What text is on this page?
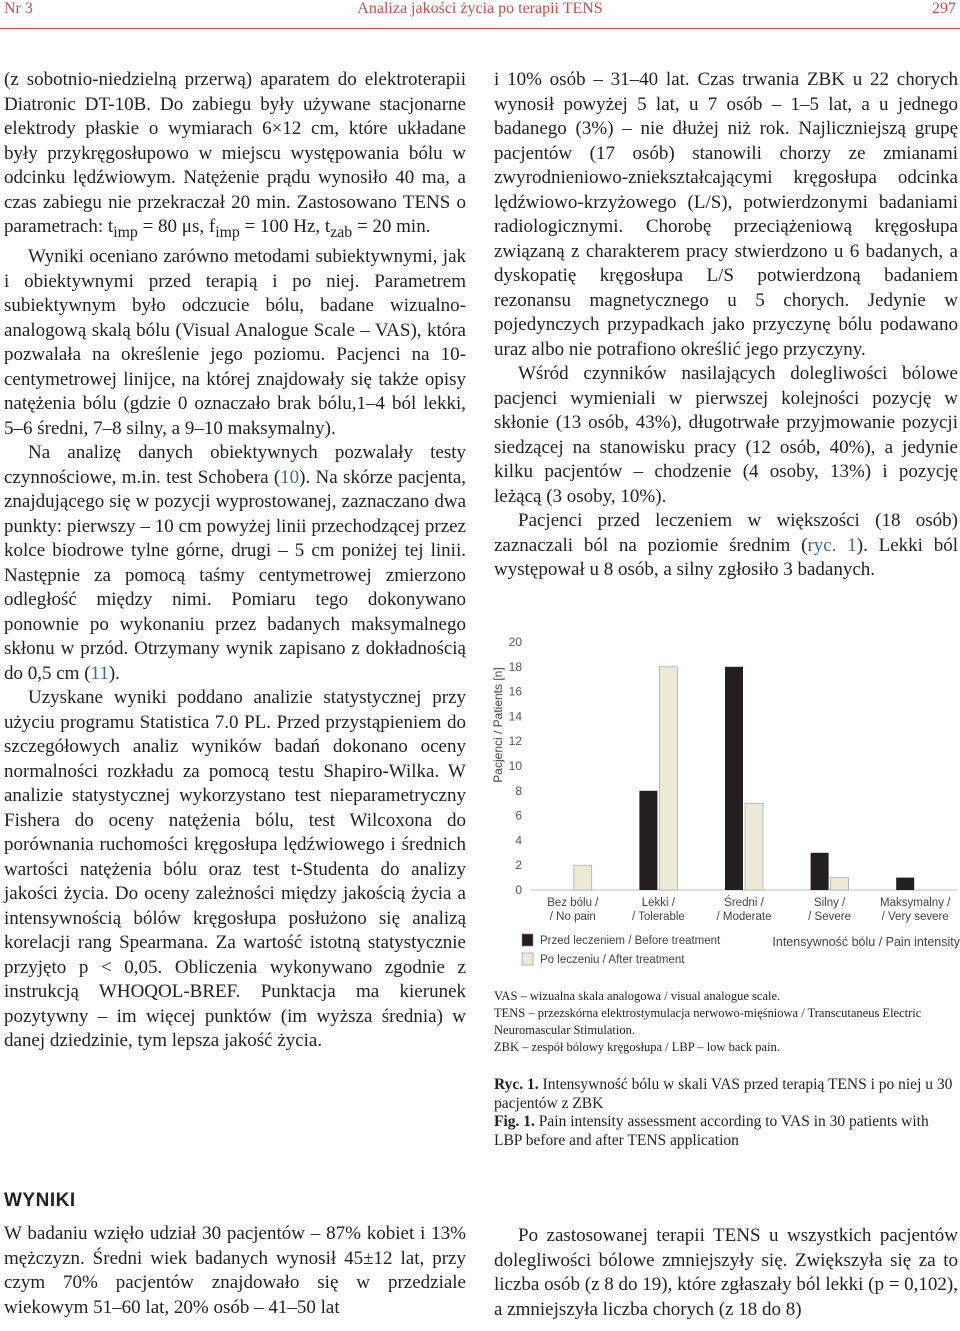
Nr 3	Analiza jakości życia po terapii TENS	297

(z sobotnio-niedzielną przerwą) aparatem do elektroterapii Diatronic DT-10B. Do zabiegu były używane stacjonarne elektrody płaskie o wymiarach 6×12 cm, które układane były przykręgosłupowo w miejscu występowania bólu w odcinku lędźwiowym. Natężenie prądu wynosiło 40 ma, a czas zabiegu nie przekraczał 20 min. Zastosowano TENS o parametrach: $t_{imp} = 80$ μs, $f_{imp} = 100$ Hz, $t_{zab} = 20$ min.

Wyniki oceniano zarówno metodami subiektywnymi, jak i obiektywnymi przed terapią i po niej. Parametrem subiektywnym było odczucie bólu, badane wizualno-analogową skalą bólu (Visual Analogue Scale – VAS), która pozwalała na określenie jego poziomu. Pacjenci na 10-centymetrowej linijce, na której znajdowały się także opisy natężenia bólu (gdzie 0 oznaczało brak bólu,1–4 ból lekki, 5–6 średni, 7–8 silny, a 9–10 maksymalny).

Na analizę danych obiektywnych pozwalały testy czynnościowe, m.in. test Schobera (10). Na skórze pacjenta, znajdującego się w pozycji wyprostowanej, zaznaczano dwa punkty: pierwszy – 10 cm powyżej linii przechodzącej przez kolce biodrowe tylne górne, drugi – 5 cm poniżej tej linii. Następnie za pomocą taśmy centymetrowej zmierzono odległość między nimi. Pomiaru tego dokonywano ponownie po wykonaniu przez badanych maksymalnego skłonu w przód. Otrzymany wynik zapisano z dokładnością do 0,5 cm (11).

Uzyskane wyniki poddano analizie statystycznej przy użyciu programu Statistica 7.0 PL. Przed przystąpieniem do szczegółowych analiz wyników badań dokonano oceny normalności rozkładu za pomocą testu Shapiro-Wilka. W analizie statystycznej wykorzystano test nieparametryczny Fishera do oceny natężenia bólu, test Wilcoxona do porównania ruchomości kręgosłupa lędźwiowego i średnich wartości natężenia bólu oraz test t-Studenta do analizy jakości życia. Do oceny zależności między jakością życia a intensywnością bólów kręgosłupa posłużono się analizą korelacji rang Spearmana. Za wartość istotną statystycznie przyjęto p < 0,05. Obliczenia wykonywano zgodnie z instrukcją WHOQOL-BREF. Punktacja ma kierunek pozytywny – im więcej punktów (im wyższa średnia) w danej dziedzinie, tym lepsza jakość życia.

i 10% osób – 31–40 lat. Czas trwania ZBK u 22 chorych wynosił powyżej 5 lat, u 7 osób – 1–5 lat, a u jednego badanego (3%) – nie dłużej niż rok. Najliczniejszą grupę pacjentów (17 osób) stanowili chorzy ze zmianami zwyrodnieniowo-zniekształcającymi kręgosłupa odcinka lędźwiowo-krzyżowego (L/S), potwierdzonymi badaniami radiologicznymi. Chorobę przeciążeniową kręgosłupa związaną z charakterem pracy stwierdzono u 6 badanych, a dyskopatię kręgosłupa L/S potwierdzoną badaniem rezonansu magnetycznego u 5 chorych. Jedynie w pojedynczych przypadkach jako przyczynę bólu podawano uraz albo nie potrafiono określić jego przyczyny.

Wśród czynników nasilających dolegliwości bólowe pacjenci wymieniali w pierwszej kolejności pozycję w skłonie (13 osób, 43%), długotrwałe przyjmowanie pozycji siedzącej na stanowisku pracy (12 osób, 40%), a jedynie kilku pacjentów – chodzenie (4 osoby, 13%) i pozycję leżącą (3 osoby, 10%).

Pacjenci przed leczeniem w większości (18 osób) zaznaczali ból na poziomie średnim (ryc. 1). Lekki ból występował u 8 osób, a silny zgłosiło 3 badanych.

Pacjenci / Patients [n]
20
18
16
14
12
10
8
6
4
2
0
Bez bólu /
/ No pain
Lekki /
/ Tolerable
Średni /
/ Moderate
Silny /
/ Severe
Maksymalny /
/ Very severe
Przed leczeniem / Before treatment
Po leczeniu / After treatment
Intensywność bólu / Pain intensity

VAS – wizualna skala analogowa / visual analogue scale.

TENS – przezskórna elektrostymulacja nerwowo-mięśniowa / Transcutaneus Electric Neuromascular Stimulation.

ZBK – zespół bólowy kręgosłupa / LBP – low back pain.

Ryc. 1. Intensywność bólu w skali VAS przed terapią TENS i po niej u 30 pacjentów z ZBK

Fig. 1. Pain intensity assessment according to VAS in 30 patients with LBP before and after TENS application

WYNIKI

W badaniu wzięło udział 30 pacjentów – 87% kobiet i 13% mężczyzn. Średni wiek badanych wynosił 45±12 lat, przy czym 70% pacjentów znajdowało się w przedziale wiekowym 51–60 lat, 20% osób – 41–50 lat

Po zastosowanej terapii TENS u wszystkich pacjentów dolegliwości bólowe zmniejszyły się. Zwiększyła się za to liczba osób (z 8 do 19), które zgłaszały ból lekki (p = 0,102), a zmniejszyła liczba chorych (z 18 do 8)
